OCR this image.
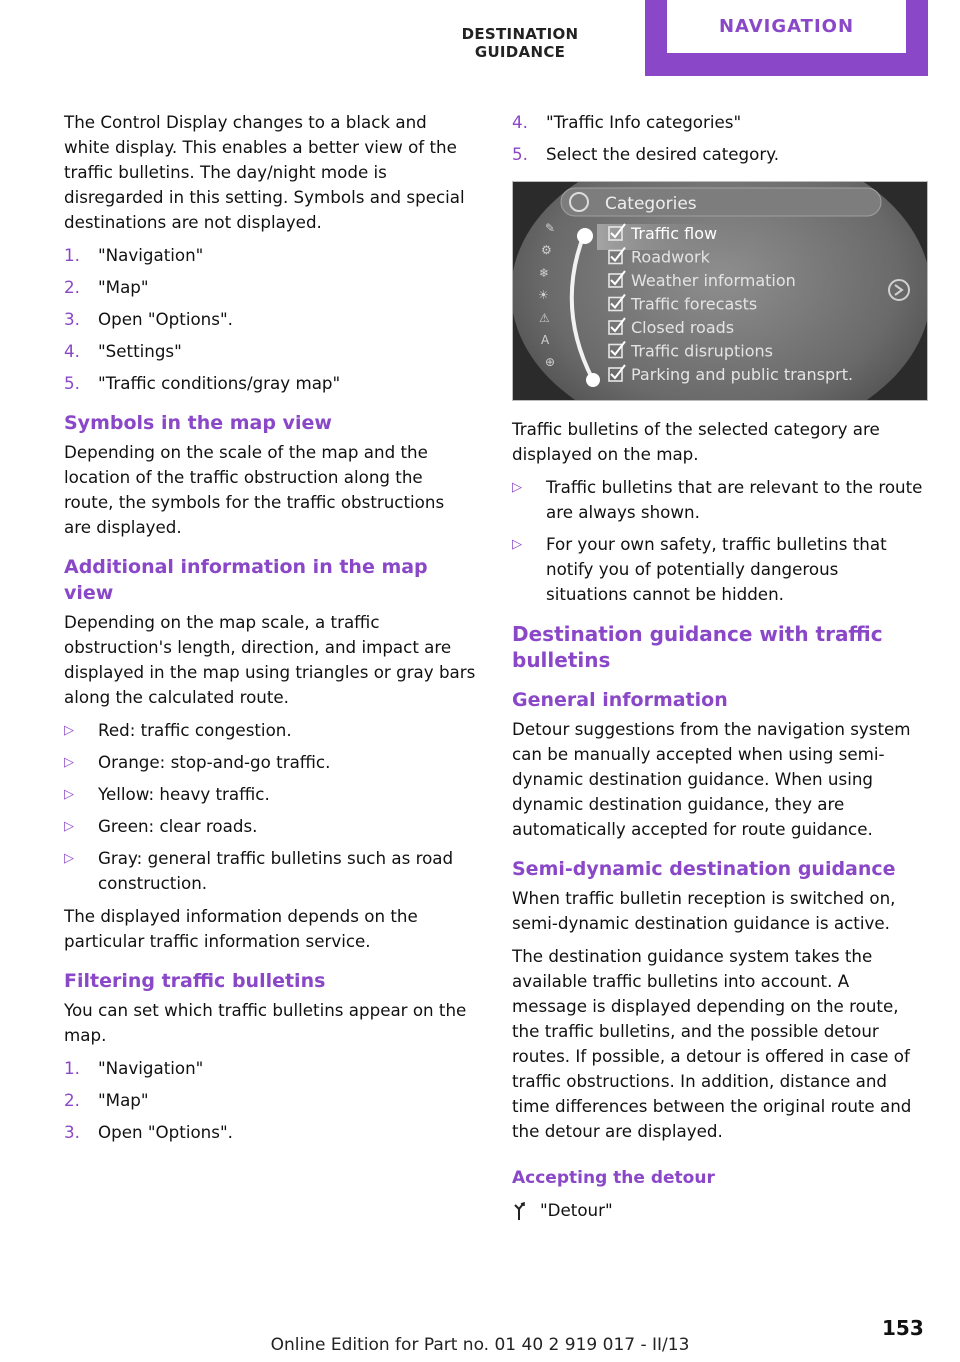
DESTINATION GUIDANCE
NAVIGATION

The Control Display changes to a black and white display. This enables a better view of the traffic bulletins. The day/night mode is disregarded in this setting. Symbols and special destinations are not displayed.

1.	"Navigation"
2.	"Map"
3.	Open "Options".
4.	"Settings"
5.	"Traffic conditions/gray map"
Symbols in the map view

Depending on the scale of the map and the location of the traffic obstruction along the route, the symbols for the traffic obstructions are displayed.

Additional information in the map view

Depending on the map scale, a traffic obstruction's length, direction, and impact are displayed in the map using triangles or gray bars along the calculated route.

▷	Red: traffic congestion.
▷	Orange: stop-and-go traffic.
▷	Yellow: heavy traffic.
▷	Green: clear roads.
▷	Gray: general traffic bulletins such as road construction.

The displayed information depends on the particular traffic information service.

Filtering traffic bulletins

You can set which traffic bulletins appear on the map.

1.	"Navigation"
2.	"Map"
3.	Open "Options".
4.	"Traffic Info categories"
5.	Select the desired category.
Categories
✎
⚙
❄
☀
⚠
A
⊕
Traffic flow
Roadwork
Weather information
Traffic forecasts
Closed roads
Traffic disruptions
Parking and public transprt.

Traffic bulletins of the selected category are displayed on the map.

▷	Traffic bulletins that are relevant to the route are always shown.
▷	For your own safety, traffic bulletins that notify you of potentially dangerous situations cannot be hidden.
Destination guidance with traffic bulletins
General information

Detour suggestions from the navigation system can be manually accepted when using semi-dynamic destination guidance. When using dynamic destination guidance, they are automatically accepted for route guidance.

Semi-dynamic destination guidance

When traffic bulletin reception is switched on, semi-dynamic destination guidance is active.

The destination guidance system takes the available traffic bulletins into account. A message is displayed depending on the route, the traffic bulletins, and the possible detour routes. If possible, a detour is offered in case of traffic obstructions. In addition, distance and time differences between the original route and the detour are displayed.

Accepting the detour
"Detour"
153
Online Edition for Part no. 01 40 2 919 017 - II/13
